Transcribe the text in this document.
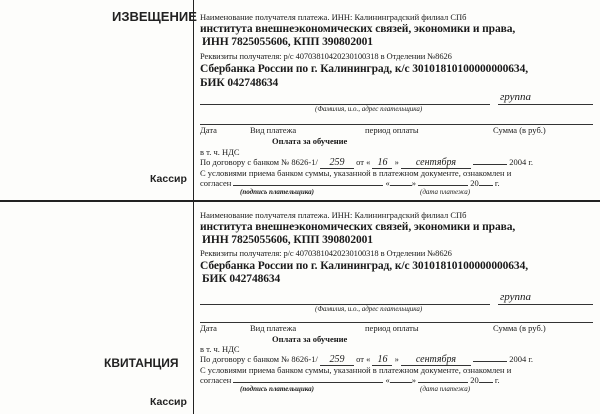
ИЗВЕЩЕНИЕ
Кассир
КВИТАНЦИЯ
Кассир
Наименование получателя платежа. ИНН: Калининградский филиал СПб
института внешнеэкономических связей, экономики и права,
ИНН 7825055606, КПП 390802001
Реквизиты получателя: р/с 40703810420230100318 в Отделении №8626
Сбербанка России по г. Калининград, к/с 30101810100000000634,
БИК 042748634
группа
(Фамилия, и.о., адрес плательщика)
Дата	Вид платежа	период оплаты	Сумма (в руб.)
Оплата за обучение
в т. ч. НДС
По договору с банком № 8626-1/ 259 от « 16 » сентября	2004 г.
С условиями приема банком суммы, указанной в платежном документе, ознакомлен и
согласен	«	»	20 г.
(подпись плательщика)	(дата платежа)
Наименование получателя платежа. ИНН: Калининградский филиал СПб
института внешнеэкономических связей, экономики и права,
ИНН 7825055606, КПП 390802001
Реквизиты получателя: р/с 40703810420230100318 в Отделении №8626
Сбербанка России по г. Калининград, к/с 30101810100000000634,
БИК 042748634
группа
(Фамилия, и.о., адрес плательщика)
Дата	Вид платежа	период оплаты	Сумма (в руб.)
Оплата за обучение
в т. ч. НДС
По договору с банком № 8626-1/ 259 от « 16 » сентября	2004 г.
С условиями приема банком суммы, указанной в платежном документе, ознакомлен и
согласен	«	»	20 г.
(подпись плательщика)	(дата платежа)
